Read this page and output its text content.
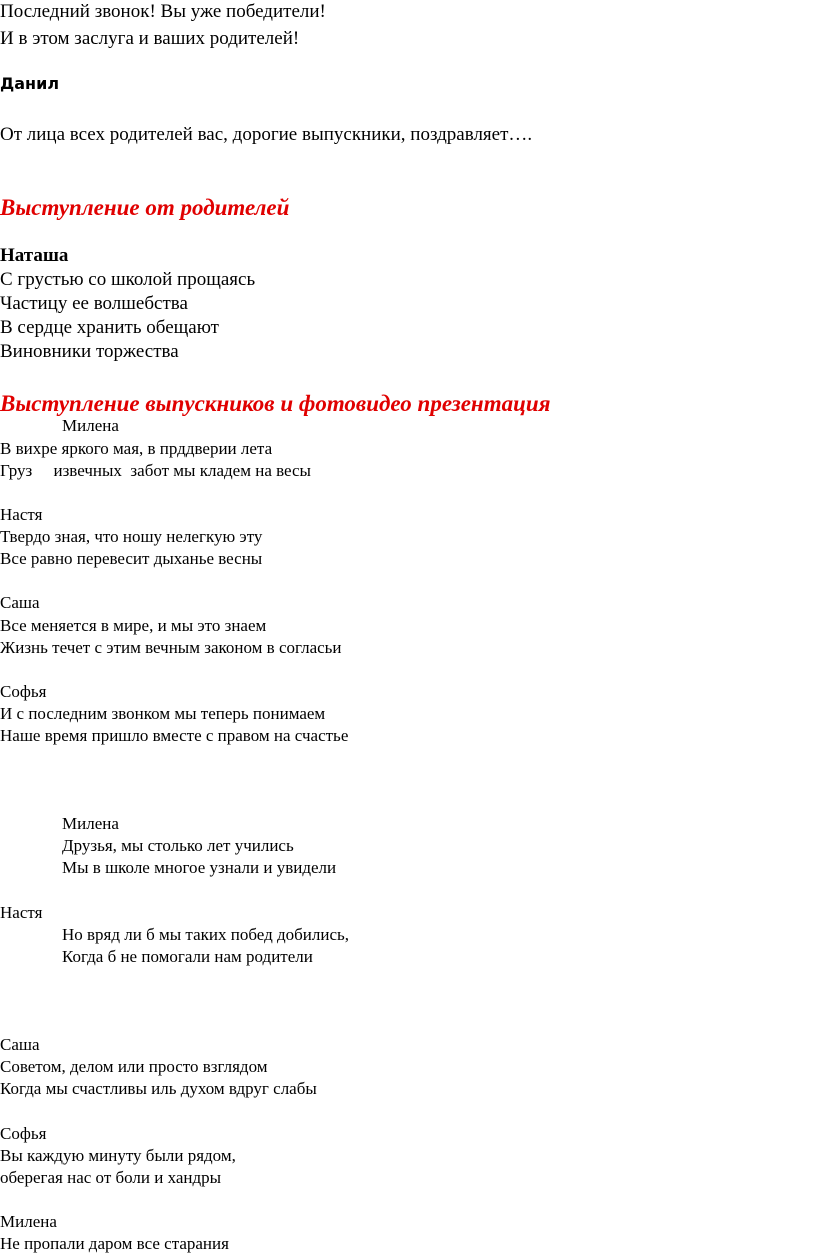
Последний звонок! Вы уже победители!
И в этом заслуга и ваших родителей!
Данил
От лица всех родителей вас, дорогие выпускники, поздравляет….
Выступление от родителей
Наташа
С грустью со школой прощаясь
Частицу ее волшебства
В сердце хранить обещают
Виновники торжества
Выступление выпускников и фотовидео презентация
Милена
В вихре яркого мая, в прддверии лета
Груз     извечных  забот мы кладем на весы
Настя
Твердо зная, что ношу нелегкую эту
Все равно перевесит дыханье весны
Саша
Все меняется в мире, и мы это знаем
Жизнь течет с этим вечным законом в согласьи
Софья
И с последним звонком мы теперь понимаем
Наше время пришло вместе с правом на счастье
Милена
Друзья, мы столько лет учились
Мы в школе многое узнали и увидели
Настя
Но вряд ли б мы таких побед добились,
Когда б не помогали нам родители
Саша
Советом, делом или просто взглядом
Когда мы счастливы иль духом вдруг слабы
Софья
Вы каждую минуту были рядом,
оберегая нас от боли и хандры
Милена
Не пропали даром все старания
